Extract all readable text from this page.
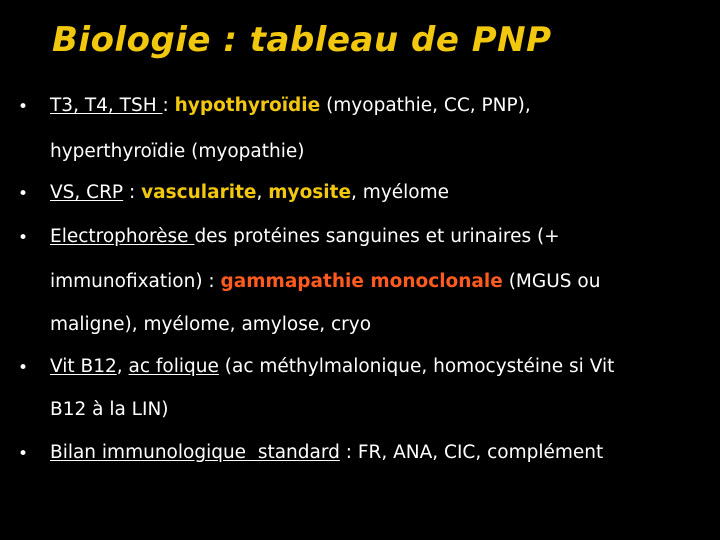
Biologie : tableau de PNP
• T3, T4, TSH : hypothyroïdie (myopathie, CC, PNP),
hyperthyroïdie (myopathie)
• VS, CRP : vascularite, myosite, myélome
• Electrophorèse des protéines sanguines et urinaires (+
immunofixation) : gammapathie monoclonale (MGUS ou
maligne), myélome, amylose, cryo
• Vit B12, ac folique (ac méthylmalonique, homocystéine si Vit
B12 à la LIN)
• Bilan immunologique  standard : FR, ANA, CIC, complément
